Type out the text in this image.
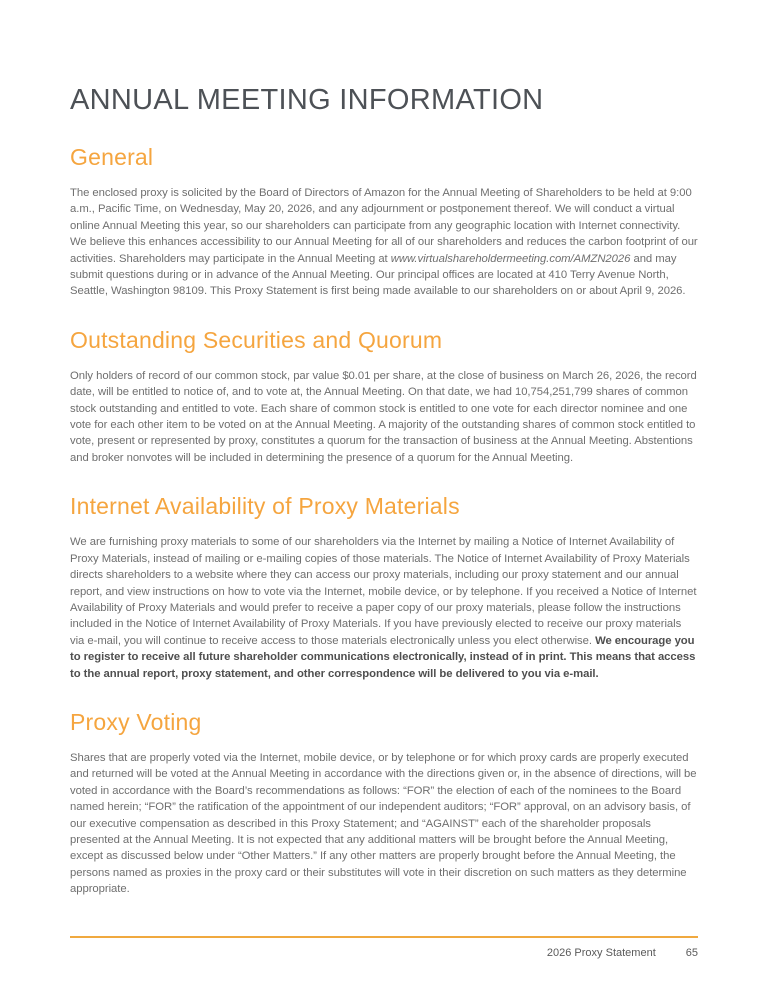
ANNUAL MEETING INFORMATION
General

The enclosed proxy is solicited by the Board of Directors of Amazon for the Annual Meeting of Shareholders to be held at 9:00 a.m., Pacific Time, on Wednesday, May 20, 2026, and any adjournment or postponement thereof. We will conduct a virtual online Annual Meeting this year, so our shareholders can participate from any geographic location with Internet connectivity. We believe this enhances accessibility to our Annual Meeting for all of our shareholders and reduces the carbon footprint of our activities. Shareholders may participate in the Annual Meeting at www.virtualshareholdermeeting.com/AMZN2026 and may submit questions during or in advance of the Annual Meeting. Our principal offices are located at 410 Terry Avenue North, Seattle, Washington 98109. This Proxy Statement is first being made available to our shareholders on or about April 9, 2026.

Outstanding Securities and Quorum

Only holders of record of our common stock, par value $0.01 per share, at the close of business on March 26, 2026, the record date, will be entitled to notice of, and to vote at, the Annual Meeting. On that date, we had 10,754,251,799 shares of common stock outstanding and entitled to vote. Each share of common stock is entitled to one vote for each director nominee and one vote for each other item to be voted on at the Annual Meeting. A majority of the outstanding shares of common stock entitled to vote, present or represented by proxy, constitutes a quorum for the transaction of business at the Annual Meeting. Abstentions and broker nonvotes will be included in determining the presence of a quorum for the Annual Meeting.

Internet Availability of Proxy Materials

We are furnishing proxy materials to some of our shareholders via the Internet by mailing a Notice of Internet Availability of Proxy Materials, instead of mailing or e-mailing copies of those materials. The Notice of Internet Availability of Proxy Materials directs shareholders to a website where they can access our proxy materials, including our proxy statement and our annual report, and view instructions on how to vote via the Internet, mobile device, or by telephone. If you received a Notice of Internet Availability of Proxy Materials and would prefer to receive a paper copy of our proxy materials, please follow the instructions included in the Notice of Internet Availability of Proxy Materials. If you have previously elected to receive our proxy materials via e-mail, you will continue to receive access to those materials electronically unless you elect otherwise. We encourage you to register to receive all future shareholder communications electronically, instead of in print. This means that access to the annual report, proxy statement, and other correspondence will be delivered to you via e-mail.

Proxy Voting

Shares that are properly voted via the Internet, mobile device, or by telephone or for which proxy cards are properly executed and returned will be voted at the Annual Meeting in accordance with the directions given or, in the absence of directions, will be voted in accordance with the Board’s recommendations as follows: “FOR” the election of each of the nominees to the Board named herein; “FOR” the ratification of the appointment of our independent auditors; “FOR” approval, on an advisory basis, of our executive compensation as described in this Proxy Statement; and “AGAINST” each of the shareholder proposals presented at the Annual Meeting. It is not expected that any additional matters will be brought before the Annual Meeting, except as discussed below under “Other Matters.” If any other matters are properly brought before the Annual Meeting, the persons named as proxies in the proxy card or their substitutes will vote in their discretion on such matters as they determine appropriate.

2026 Proxy Statement	65
